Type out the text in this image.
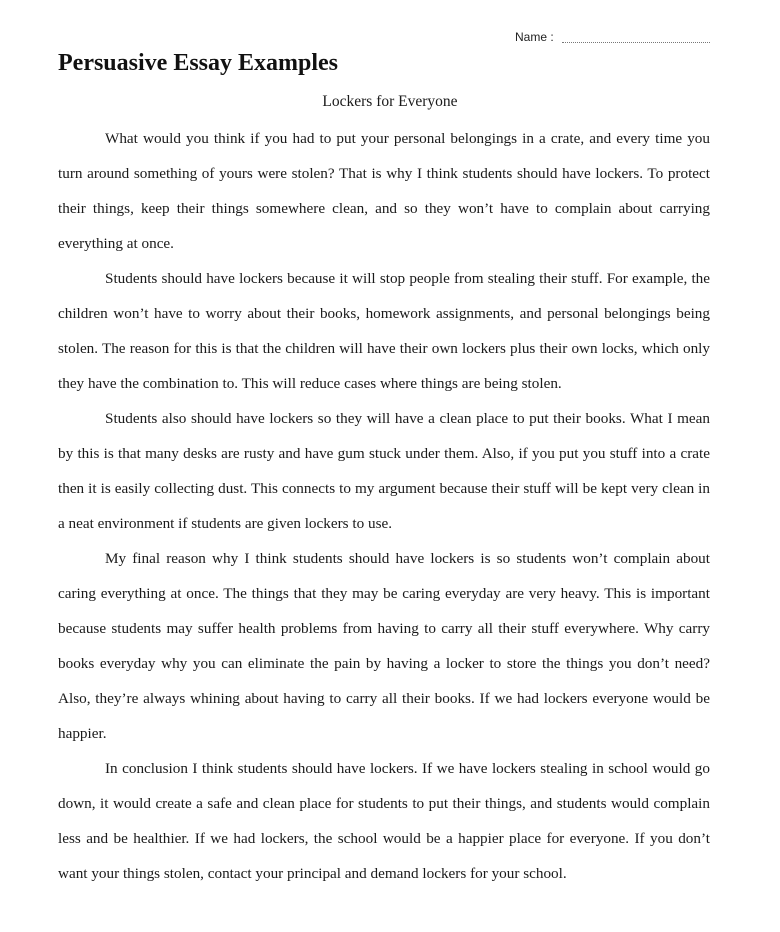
Name :
Persuasive Essay Examples
Lockers for Everyone

What would you think if you had to put your personal belongings in a crate, and every time you turn around something of yours were stolen? That is why I think students should have lockers. To protect their things, keep their things somewhere clean, and so they won’t have to complain about carrying everything at once.

Students should have lockers because it will stop people from stealing their stuff. For example, the children won’t have to worry about their books, homework assignments, and personal belongings being stolen. The reason for this is that the children will have their own lockers plus their own locks, which only they have the combination to. This will reduce cases where things are being stolen.

Students also should have lockers so they will have a clean place to put their books. What I mean by this is that many desks are rusty and have gum stuck under them. Also, if you put you stuff into a crate then it is easily collecting dust. This connects to my argument because their stuff will be kept very clean in a neat environment if students are given lockers to use.

My final reason why I think students should have lockers is so students won’t complain about caring everything at once. The things that they may be caring everyday are very heavy. This is important because students may suffer health problems from having to carry all their stuff everywhere. Why carry books everyday why you can eliminate the pain by having a locker to store the things you don’t need? Also, they’re always whining about having to carry all their books. If we had lockers everyone would be happier.

In conclusion I think students should have lockers. If we have lockers stealing in school would go down, it would create a safe and clean place for students to put their things, and students would complain less and be healthier. If we had lockers, the school would be a happier place for everyone. If you don’t want your things stolen, contact your principal and demand lockers for your school.
